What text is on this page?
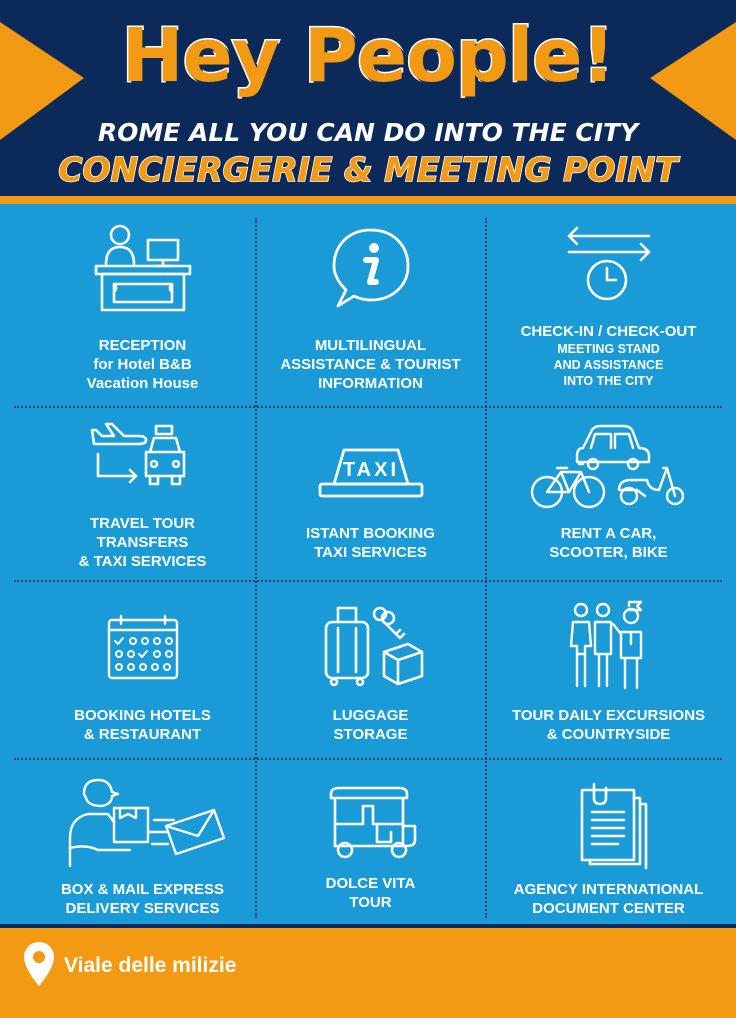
Hey People!
ROME ALL YOU CAN DO INTO THE CITY
CONCIERGERIE & MEETING POINT
RECEPTION
for Hotel B&B
Vacation House
MULTILINGUAL
ASSISTANCE & TOURIST
INFORMATION
CHECK-IN / CHECK-OUT
MEETING STAND
AND ASSISTANCE
INTO THE CITY
TRAVEL TOUR
TRANSFERS
& TAXI SERVICES
TAXI
ISTANT BOOKING
TAXI SERVICES
RENT A CAR,
SCOOTER, BIKE
BOOKING HOTELS
& RESTAURANT
LUGGAGE
STORAGE
TOUR DAILY EXCURSIONS
& COUNTRYSIDE
BOX & MAIL EXPRESS
DELIVERY SERVICES
DOLCE VITA
TOUR
AGENCY INTERNATIONAL
DOCUMENT CENTER
Viale delle milizie
